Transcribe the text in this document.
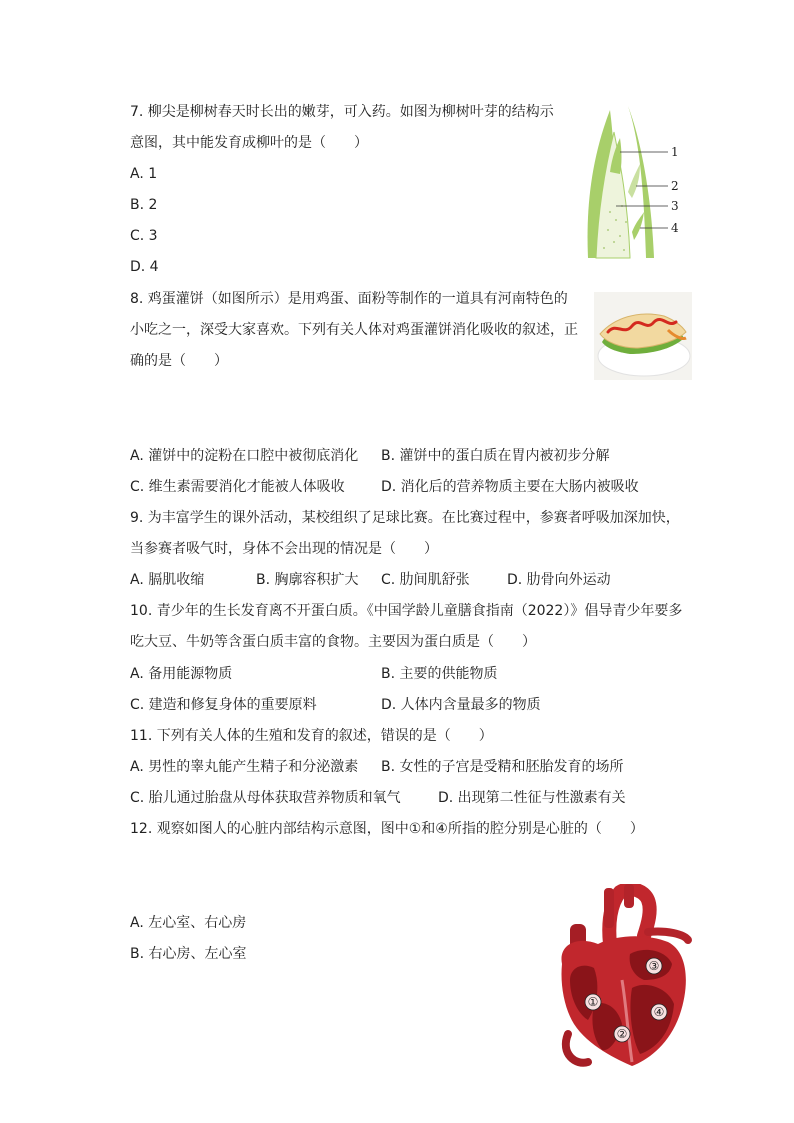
7. 柳尖是柳树春天时长出的嫩芽，可入药。如图为柳树叶芽的结构示
意图，其中能发育成柳叶的是（　　）
A. 1
B. 2
C. 3
D. 4
1
2
3
4
8. 鸡蛋灌饼（如图所示）是用鸡蛋、面粉等制作的一道具有河南特色的
小吃之一，深受大家喜欢。下列有关人体对鸡蛋灌饼消化吸收的叙述，正
确的是（　　）
A. 灌饼中的淀粉在口腔中被彻底消化 B. 灌饼中的蛋白质在胃内被初步分解
C. 维生素需要消化才能被人体吸收	D. 消化后的营养物质主要在大肠内被吸收
9. 为丰富学生的课外活动，某校组织了足球比赛。在比赛过程中，参赛者呼吸加深加快，
当参赛者吸气时，身体不会出现的情况是（　　）
A. 膈肌收缩	B. 胸廓容积扩大 C. 肋间肌舒张	D. 肋骨向外运动
10. 青少年的生长发育离不开蛋白质。《中国学龄儿童膳食指南（2022）》倡导青少年要多
吃大豆、牛奶等含蛋白质丰富的食物。主要因为蛋白质是（　　）
A. 备用能源物质	B. 主要的供能物质
C. 建造和修复身体的重要原料	D. 人体内含量最多的物质
11. 下列有关人体的生殖和发育的叙述，错误的是（　　）
A. 男性的睾丸能产生精子和分泌激素 B. 女性的子宫是受精和胚胎发育的场所
C. 胎儿通过胎盘从母体获取营养物质和氧气	D. 出现第二性征与性激素有关
12. 观察如图人的心脏内部结构示意图，图中①和④所指的腔分别是心脏的（　　）
A. 左心室、右心房
B. 右心房、左心室
①
②
③
④
